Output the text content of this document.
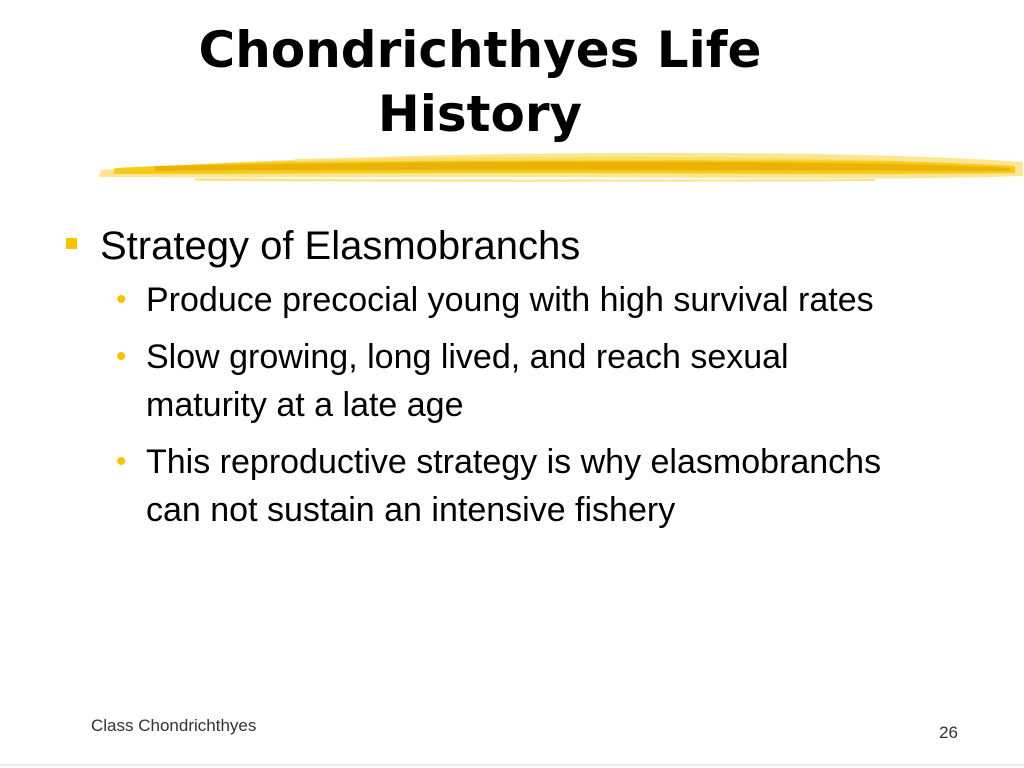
Chondrichthyes Life
History
Strategy of Elasmobranchs
• Produce precocial young with high survival rates
• Slow growing, long lived, and reach sexual maturity at a late age
• This reproductive strategy is why elasmobranchs can not sustain an intensive fishery
Class Chondrichthyes	26
